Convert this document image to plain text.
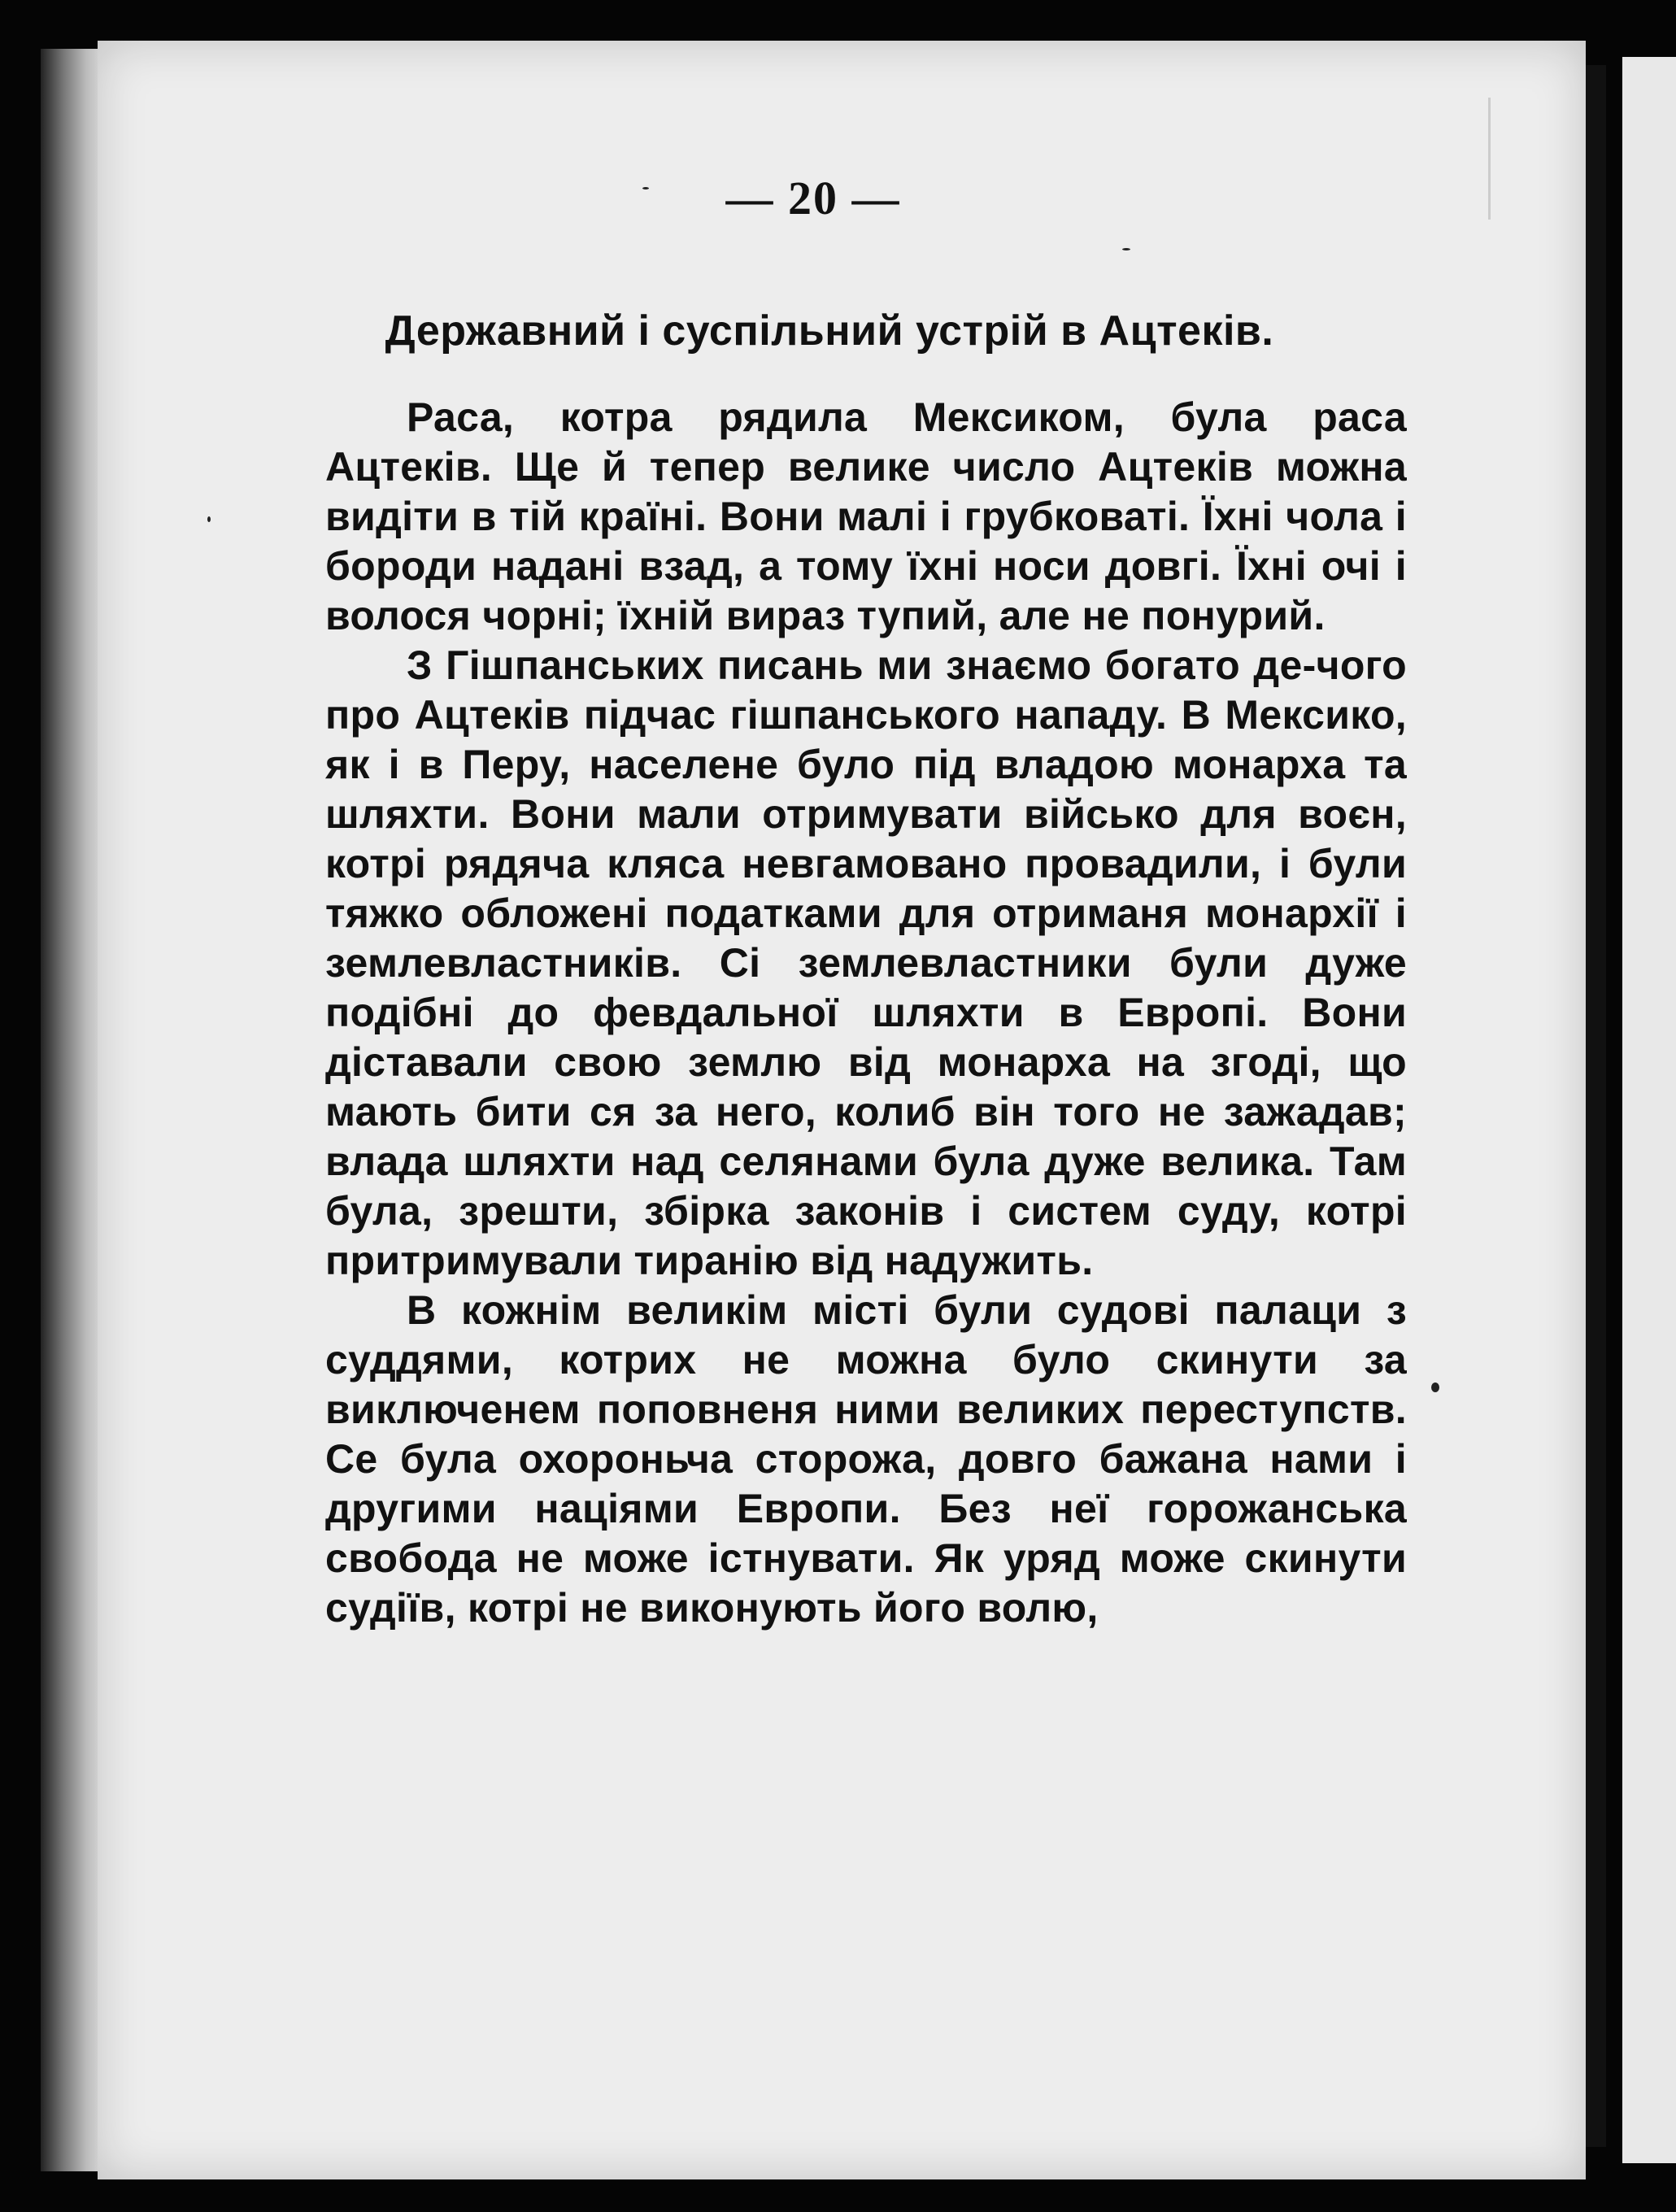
— 20 —
Державний і суспільний устрій в Ацтеків.

Раса, котра рядила Мексиком, була раса Ацтеків. Ще й тепер велике число Ацтеків можна видіти в тій країні. Вони малі і грубковаті. Їхні чола і бороди надані взад, а тому їхні носи довгі. Їхні очі і волося чорні; їхній вираз тупий, але не понурий.

З Гішпанських писань ми знаємо богато де-чого про Ацтеків підчас гішпанського нападу. В Мексико, як і в Перу, населене було під владою монарха та шляхти. Вони мали отримувати військо для воєн, котрі рядяча кляса невгамовано провадили, і були тяжко обложені податками для отриманя монархії і землевластників. Сі землевластники були дуже подібні до февдальної шляхти в Европі. Вони діставали свою землю від монарха на згоді, що мають бити ся за него, колиб він того не зажадав; влада шляхти над селянами була дуже велика. Там була, зрешти, збірка законів і систем суду, котрі притримували тиранію від надужить.

В кожнім великім місті були судові палаци з суддями, котрих не можна було скинути за виключенем поповненя ними великих переступств. Се була охороньча сторожа, довго бажана нами і другими націями Европи. Без неї горожанська свобода не може істнувати. Як уряд може скинути судіїв, котрі не виконують його волю,
